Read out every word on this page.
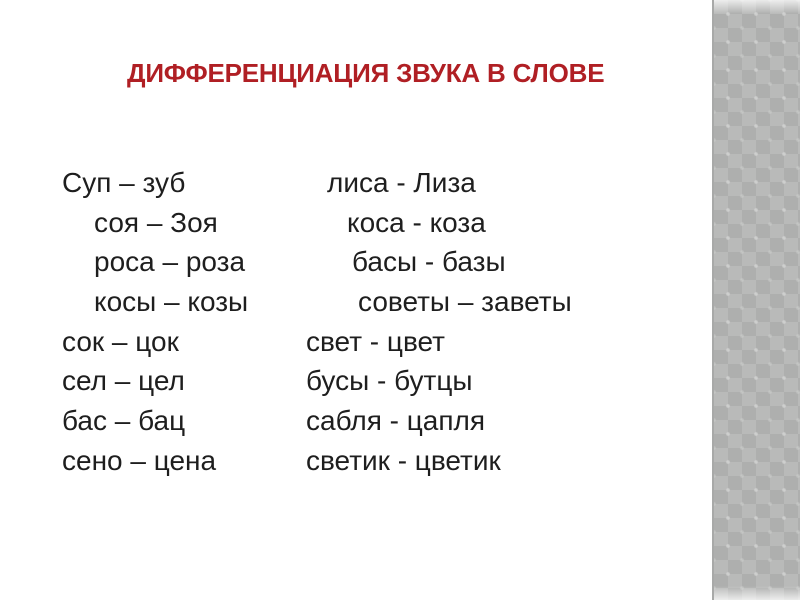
ДИФФЕРЕНЦИАЦИЯ ЗВУКА В СЛОВЕ
Суп – зуб	лиса - Лиза
соя – Зоя	коса - коза
роса – роза	басы - базы
косы – козы	советы – заветы
сок – цок	свет - цвет
сел – цел	бусы - бутцы
бас – бац	сабля - цапля
сено – цена	светик - цветик
